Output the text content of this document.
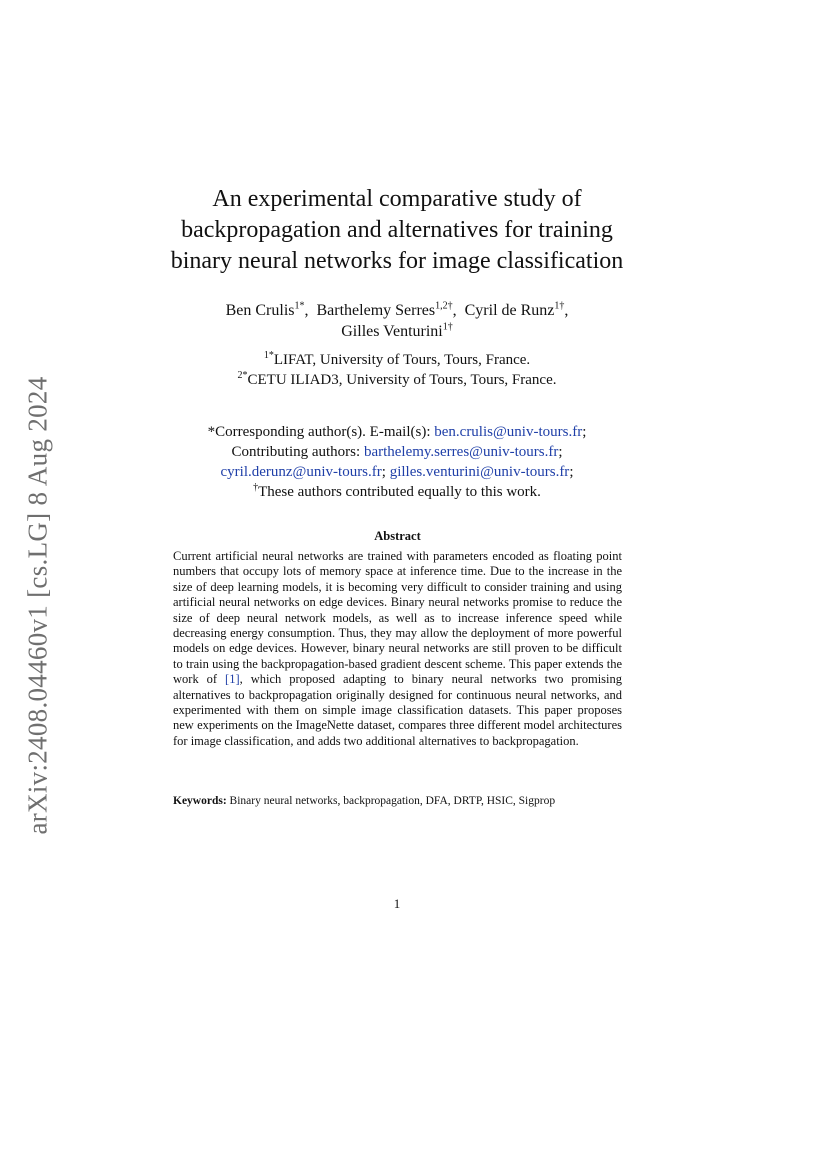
arXiv:2408.04460v1 [cs.LG] 8 Aug 2024
An experimental comparative study of
backpropagation and alternatives for training
binary neural networks for image classification
Ben Crulis$^{1*}$, Barthelemy Serres$^{1,2\dagger}$, Cyril de Runz$^{1\dagger}$,
Gilles Venturini$^{1\dagger}$
$^{1*}$LIFAT, University of Tours, Tours, France.
$^{2*}$CETU ILIAD3, University of Tours, Tours, France.
*Corresponding author(s). E-mail(s): ben.crulis@univ-tours.fr;
Contributing authors: barthelemy.serres@univ-tours.fr;
cyril.derunz@univ-tours.fr; gilles.venturini@univ-tours.fr;
†These authors contributed equally to this work.
Abstract
Current artificial neural networks are trained with parameters encoded as floating point numbers that occupy lots of memory space at inference time. Due to the increase in the size of deep learning models, it is becoming very difficult to consider training and using artificial neural networks on edge devices. Binary neural networks promise to reduce the size of deep neural network models, as well as to increase inference speed while decreasing energy consumption. Thus, they may allow the deployment of more powerful models on edge devices. However, binary neural networks are still proven to be difficult to train using the backpropagation-based gradient descent scheme. This paper extends the work of [1], which proposed adapting to binary neural networks two promising alternatives to backpropagation originally designed for continuous neural networks, and experimented with them on simple image classification datasets. This paper proposes new experiments on the ImageNette dataset, compares three different model architectures for image classification, and adds two additional alternatives to backpropagation.
Keywords: Binary neural networks, backpropagation, DFA, DRTP, HSIC, Sigprop
1
